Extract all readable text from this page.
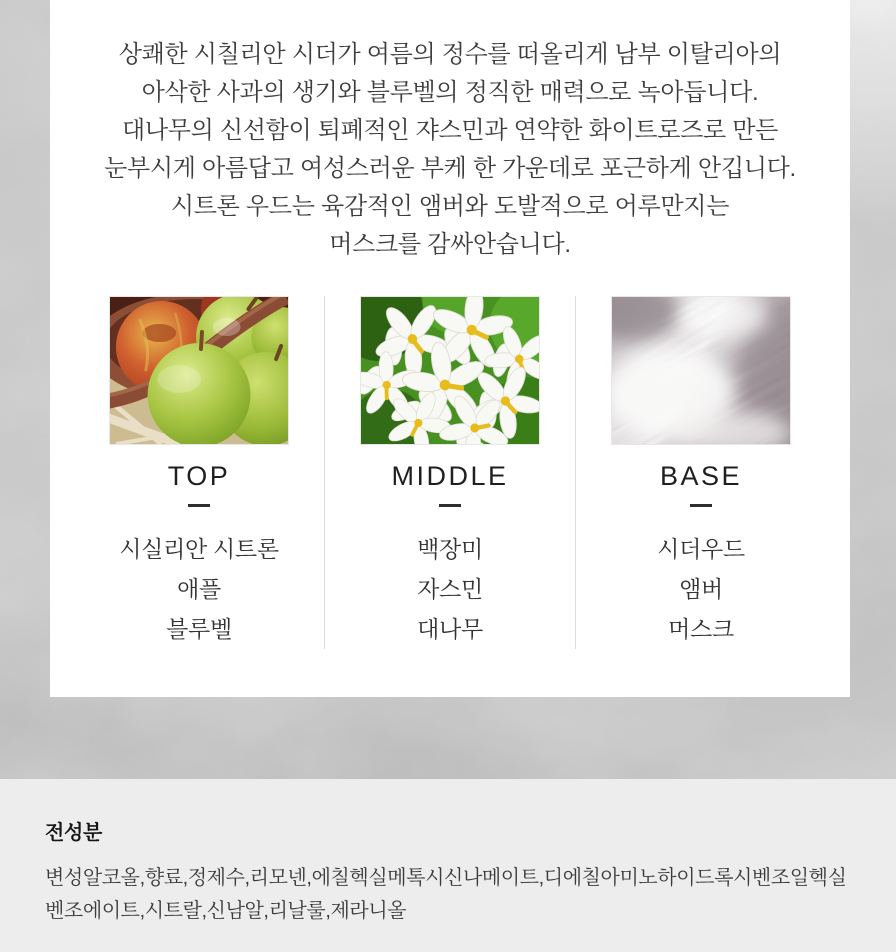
상쾌한 시칠리안 시더가 여름의 정수를 떠올리게 남부 이탈리아의

아삭한 사과의 생기와 블루벨의 정직한 매력으로 녹아듭니다.

대나무의 신선함이 퇴폐적인 쟈스민과 연약한 화이트로즈로 만든

눈부시게 아름답고 여성스러운 부케 한 가운데로 포근하게 안깁니다.

시트론 우드는 육감적인 앰버와 도발적으로 어루만지는

머스크를 감싸안습니다.

TOP
시실리안 시트론
애플
블루벨
MIDDLE
백장미
자스민
대나무
BASE
시더우드
앰버
머스크
전성분

변성알코올,향료,정제수,리모넨,에칠헥실메톡시신나메이트,디에칠아미노하이드록시벤조일헥실벤조에이트,시트랄,신남알,리날룰,제라니올
